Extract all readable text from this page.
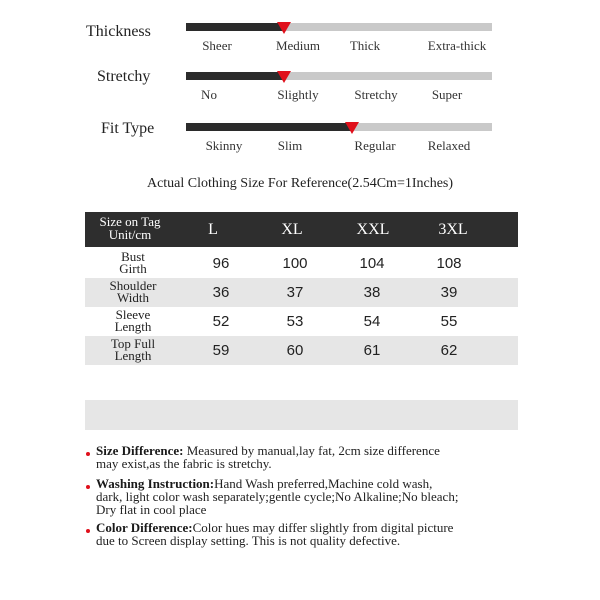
Thickness
Sheer	Medium Thick	Extra-thick
Stretchy
No	Slightly	Stretchy	Super
Fit Type
Skinny	Slim	Regular Relaxed
Actual Clothing Size For Reference(2.54Cm=1Inches)
Size on Tag
Unit/cm	L	XL	XXL	3XL
Bust
Girth	96	100	104	108
Shoulder
Width	36	37	38	39
Sleeve
Length	52	53	54	55
Top Full
Length	59	60	61	62
Size Difference: Measured by manual,lay fat, 2cm size difference
may exist,as the fabric is stretchy.
Washing Instruction:Hand Wash preferred,Machine cold wash,
dark, light color wash separately;gentle cycle;No Alkaline;No bleach;
Dry flat in cool place
Color Difference:Color hues may differ slightly from digital picture
due to Screen display setting. This is not quality defective.
